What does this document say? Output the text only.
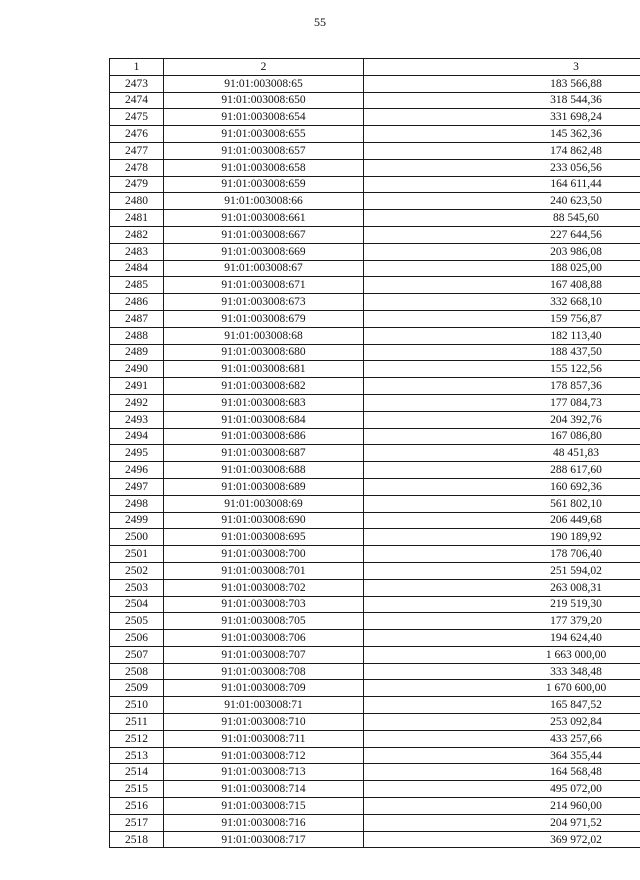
55
1	2	3
2473	91:01:003008:65	183 566,88
2474	91:01:003008:650	318 544,36
2475	91:01:003008:654	331 698,24
2476	91:01:003008:655	145 362,36
2477	91:01:003008:657	174 862,48
2478	91:01:003008:658	233 056,56
2479	91:01:003008:659	164 611,44
2480	91:01:003008:66	240 623,50
2481	91:01:003008:661	88 545,60
2482	91:01:003008:667	227 644,56
2483	91:01:003008:669	203 986,08
2484	91:01:003008:67	188 025,00
2485	91:01:003008:671	167 408,88
2486	91:01:003008:673	332 668,10
2487	91:01:003008:679	159 756,87
2488	91:01:003008:68	182 113,40
2489	91:01:003008:680	188 437,50
2490	91:01:003008:681	155 122,56
2491	91:01:003008:682	178 857,36
2492	91:01:003008:683	177 084,73
2493	91:01:003008:684	204 392,76
2494	91:01:003008:686	167 086,80
2495	91:01:003008:687	48 451,83
2496	91:01:003008:688	288 617,60
2497	91:01:003008:689	160 692,36
2498	91:01:003008:69	561 802,10
2499	91:01:003008:690	206 449,68
2500	91:01:003008:695	190 189,92
2501	91:01:003008:700	178 706,40
2502	91:01:003008:701	251 594,02
2503	91:01:003008:702	263 008,31
2504	91:01:003008:703	219 519,30
2505	91:01:003008:705	177 379,20
2506	91:01:003008:706	194 624,40
2507	91:01:003008:707	1 663 000,00
2508	91:01:003008:708	333 348,48
2509	91:01:003008:709	1 670 600,00
2510	91:01:003008:71	165 847,52
2511	91:01:003008:710	253 092,84
2512	91:01:003008:711	433 257,66
2513	91:01:003008:712	364 355,44
2514	91:01:003008:713	164 568,48
2515	91:01:003008:714	495 072,00
2516	91:01:003008:715	214 960,00
2517	91:01:003008:716	204 971,52
2518	91:01:003008:717	369 972,02
